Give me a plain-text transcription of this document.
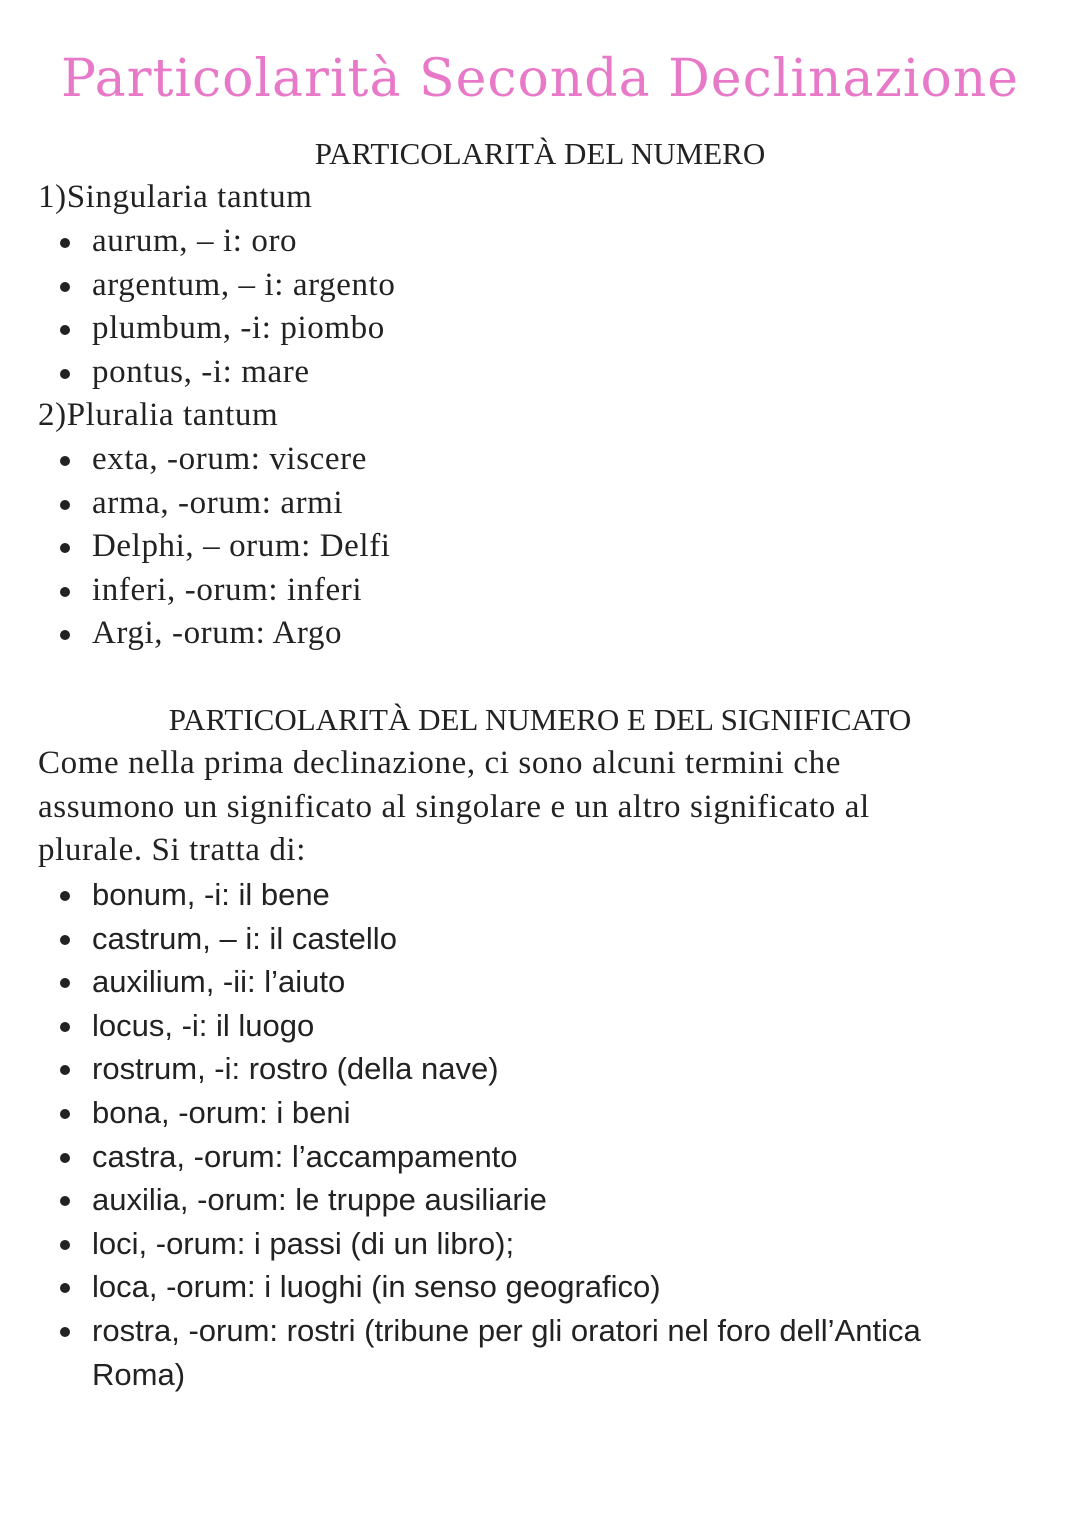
Particolarità Seconda Declinazione
PARTICOLARITÀ DEL NUMERO

1)Singularia tantum

aurum, – i: oro
argentum, – i: argento
plumbum, -i: piombo
pontus, -i: mare

2)Pluralia tantum

exta, -orum: viscere
arma, -orum: armi
Delphi, – orum: Delfi
inferi, -orum: inferi
Argi, -orum: Argo
PARTICOLARITÀ DEL NUMERO E DEL SIGNIFICATO

Come nella prima declinazione, ci sono alcuni termini che
assumono un significato al singolare e un altro significato al
plurale. Si tratta di:

bonum, -i: il bene
castrum, – i: il castello
auxilium, -ii: l’aiuto
locus, -i: il luogo
rostrum, -i: rostro (della nave)
bona, -orum: i beni
castra, -orum: l’accampamento
auxilia, -orum: le truppe ausiliarie
loci, -orum: i passi (di un libro);
loca, -orum: i luoghi (in senso geografico)
rostra, -orum: rostri (tribune per gli oratori nel foro dell’Antica
Roma)
